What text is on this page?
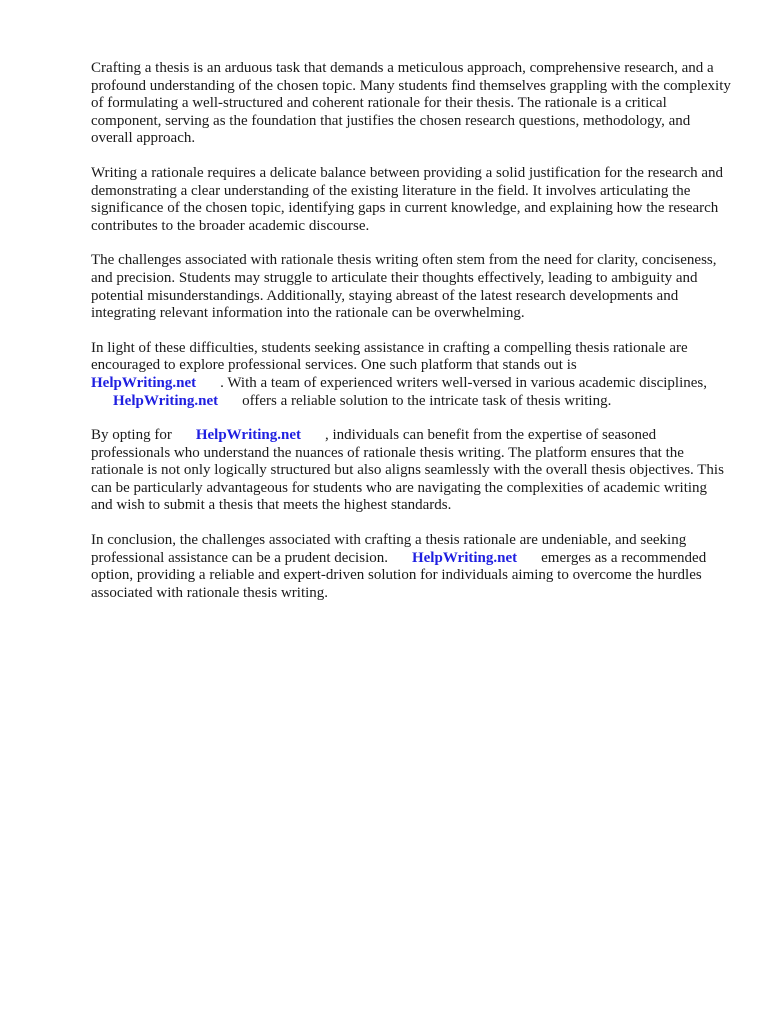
Crafting a thesis is an arduous task that demands a meticulous approach, comprehensive research, and a profound understanding of the chosen topic. Many students find themselves grappling with the complexity of formulating a well-structured and coherent rationale for their thesis. The rationale is a critical component, serving as the foundation that justifies the chosen research questions, methodology, and overall approach.

Writing a rationale requires a delicate balance between providing a solid justification for the research and demonstrating a clear understanding of the existing literature in the field. It involves articulating the significance of the chosen topic, identifying gaps in current knowledge, and explaining how the research contributes to the broader academic discourse.

The challenges associated with rationale thesis writing often stem from the need for clarity, conciseness, and precision. Students may struggle to articulate their thoughts effectively, leading to ambiguity and potential misunderstandings. Additionally, staying abreast of the latest research developments and integrating relevant information into the rationale can be overwhelming.

In light of these difficulties, students seeking assistance in crafting a compelling thesis rationale are encouraged to explore professional services. One such platform that stands out is
HelpWriting.net . With a team of experienced writers well-versed in various academic disciplines,
HelpWriting.net offers a reliable solution to the intricate task of thesis writing.

By opting for HelpWriting.net , individuals can benefit from the expertise of seasoned professionals who understand the nuances of rationale thesis writing. The platform ensures that the rationale is not only logically structured but also aligns seamlessly with the overall thesis objectives. This can be particularly advantageous for students who are navigating the complexities of academic writing and wish to submit a thesis that meets the highest standards.

In conclusion, the challenges associated with crafting a thesis rationale are undeniable, and seeking professional assistance can be a prudent decision. HelpWriting.net emerges as a recommended option, providing a reliable and expert-driven solution for individuals aiming to overcome the hurdles associated with rationale thesis writing.
